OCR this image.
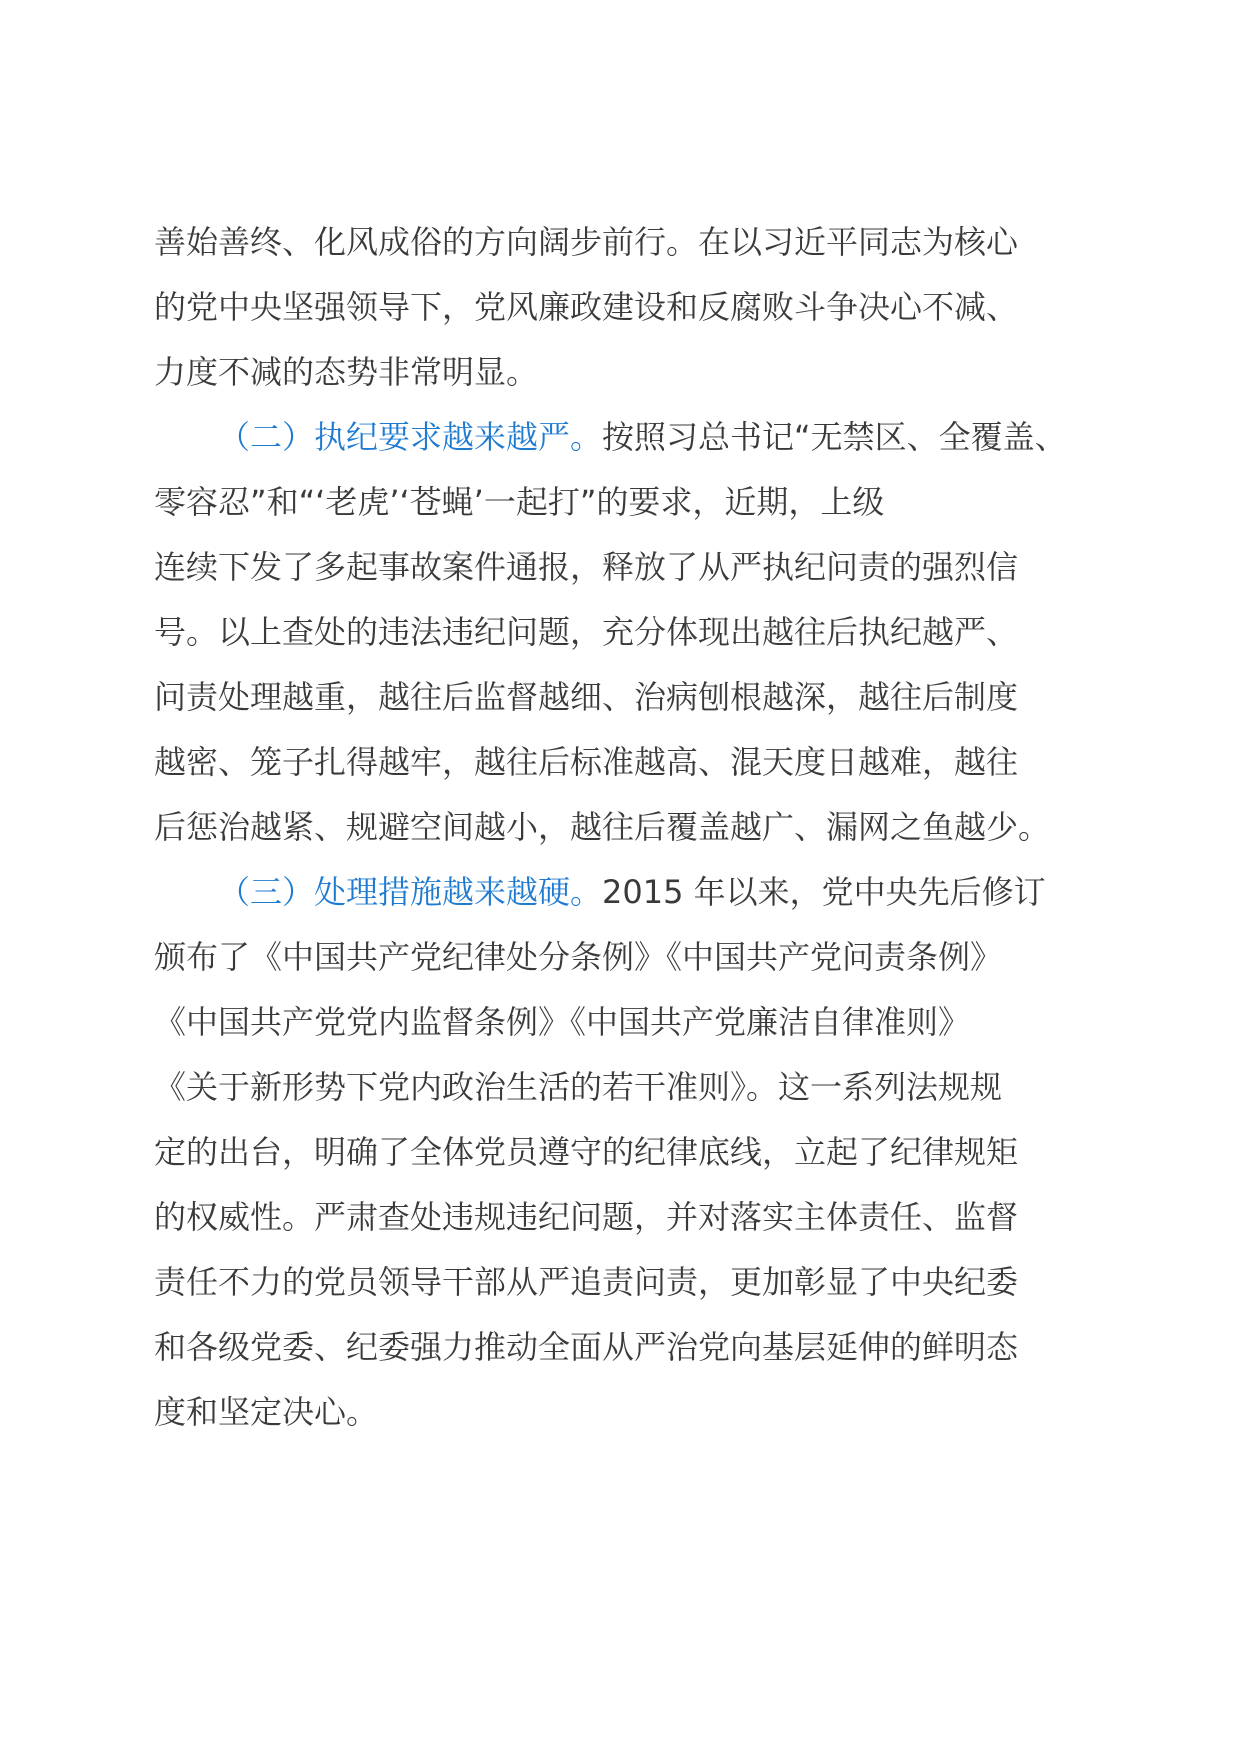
善始善终、化风成俗的方向阔步前行。在以习近平同志为核心
的党中央坚强领导下，党风廉政建设和反腐败斗争决心不减、
力度不减的态势非常明显。
（二）执纪要求越来越严。按照习总书记“无禁区、全覆盖、
零容忍”和“‘老虎’‘苍蝇’一起打”的要求，近期，上级
连续下发了多起事故案件通报，释放了从严执纪问责的强烈信
号。以上查处的违法违纪问题，充分体现出越往后执纪越严、
问责处理越重，越往后监督越细、治病刨根越深，越往后制度
越密、笼子扎得越牢，越往后标准越高、混天度日越难，越往
后惩治越紧、规避空间越小，越往后覆盖越广、漏网之鱼越少。
（三）处理措施越来越硬。2015 年以来，党中央先后修订
颁布了《中国共产党纪律处分条例》《中国共产党问责条例》
《中国共产党党内监督条例》《中国共产党廉洁自律准则》
《关于新形势下党内政治生活的若干准则》。这一系列法规规
定的出台，明确了全体党员遵守的纪律底线，立起了纪律规矩
的权威性。严肃查处违规违纪问题，并对落实主体责任、监督
责任不力的党员领导干部从严追责问责，更加彰显了中央纪委
和各级党委、纪委强力推动全面从严治党向基层延伸的鲜明态
度和坚定决心。
